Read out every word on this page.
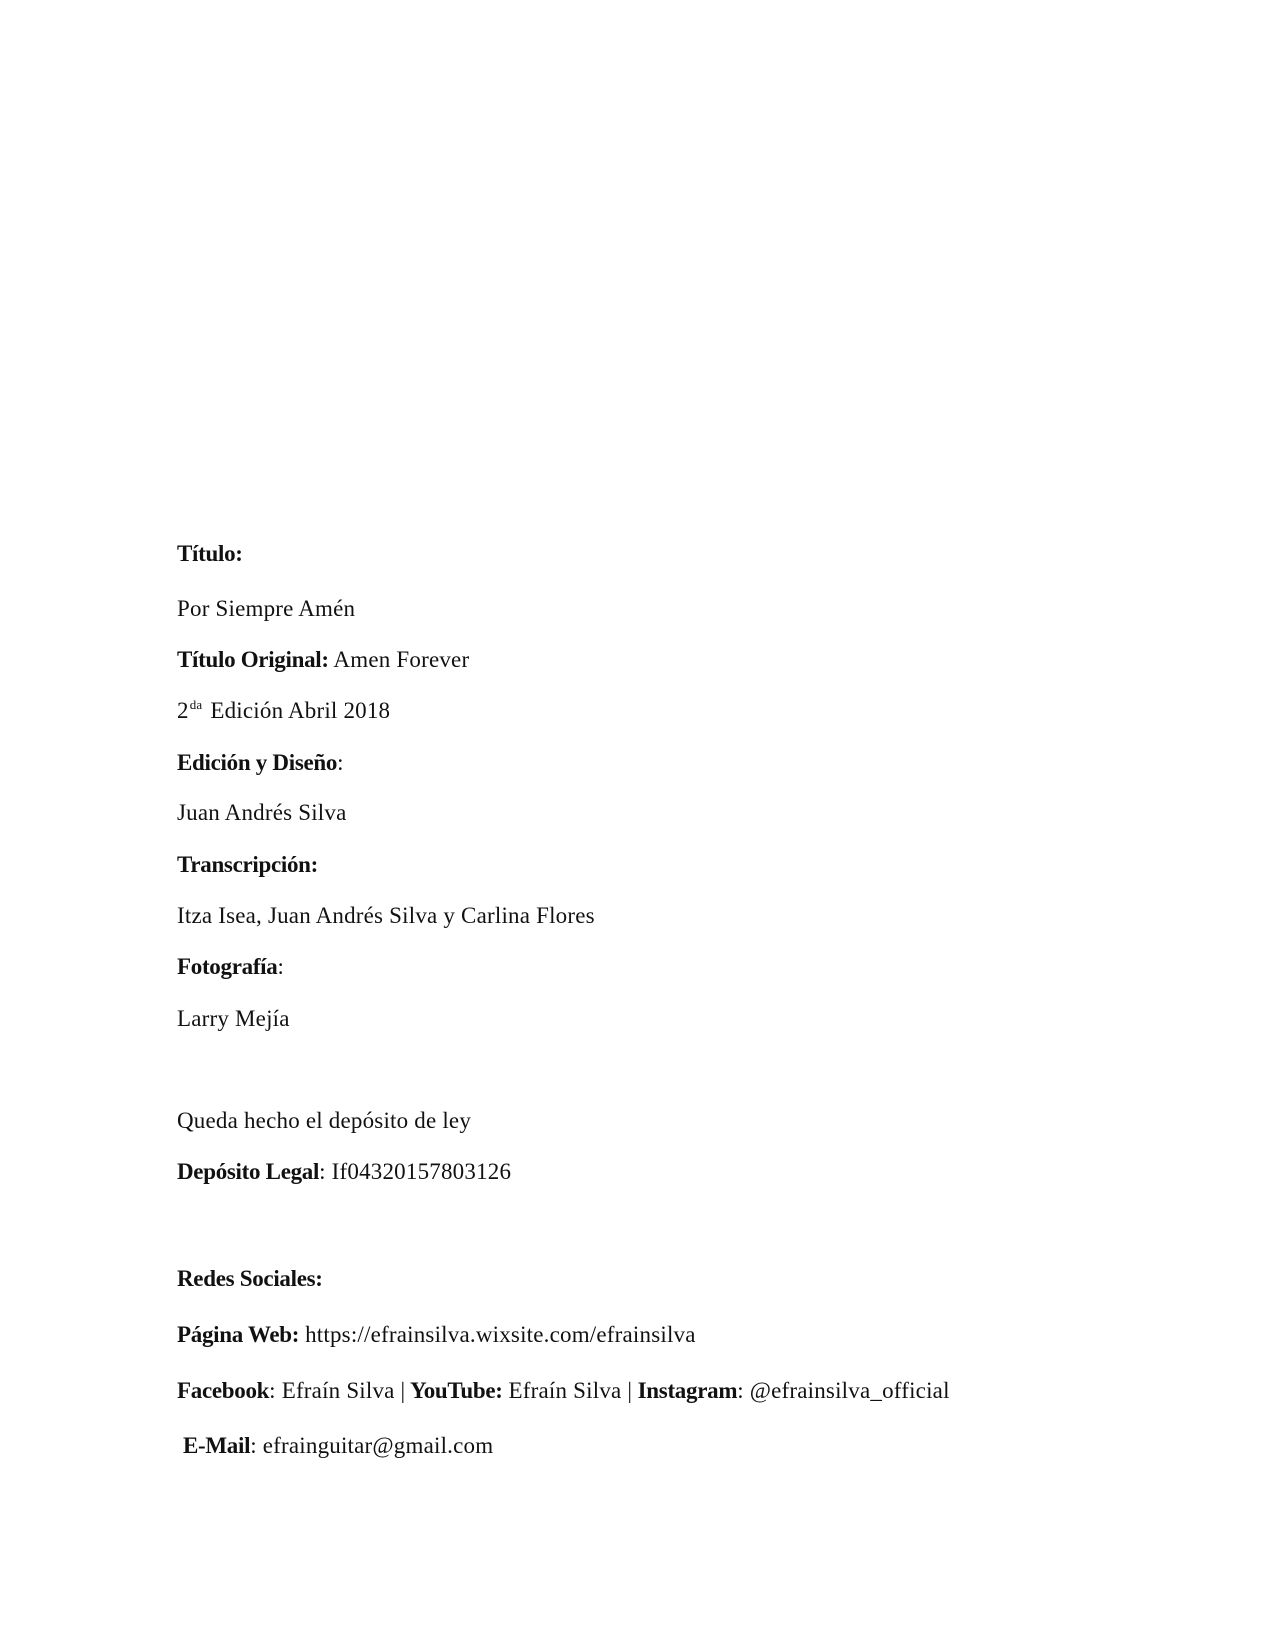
Título:
Por Siempre Amén
Título Original: Amen Forever
$2^{da}$ Edición Abril 2018
Edición y Diseño:
Juan Andrés Silva
Transcripción:
Itza Isea, Juan Andrés Silva y Carlina Flores
Fotografía:
Larry Mejía
Queda hecho el depósito de ley
Depósito Legal: If04320157803126
Redes Sociales:
Página Web: https://efrainsilva.wixsite.com/efrainsilva
Facebook: Efraín Silva | YouTube: Efraín Silva | Instagram: @efrainsilva_official
E-Mail: efrainguitar@gmail.com
